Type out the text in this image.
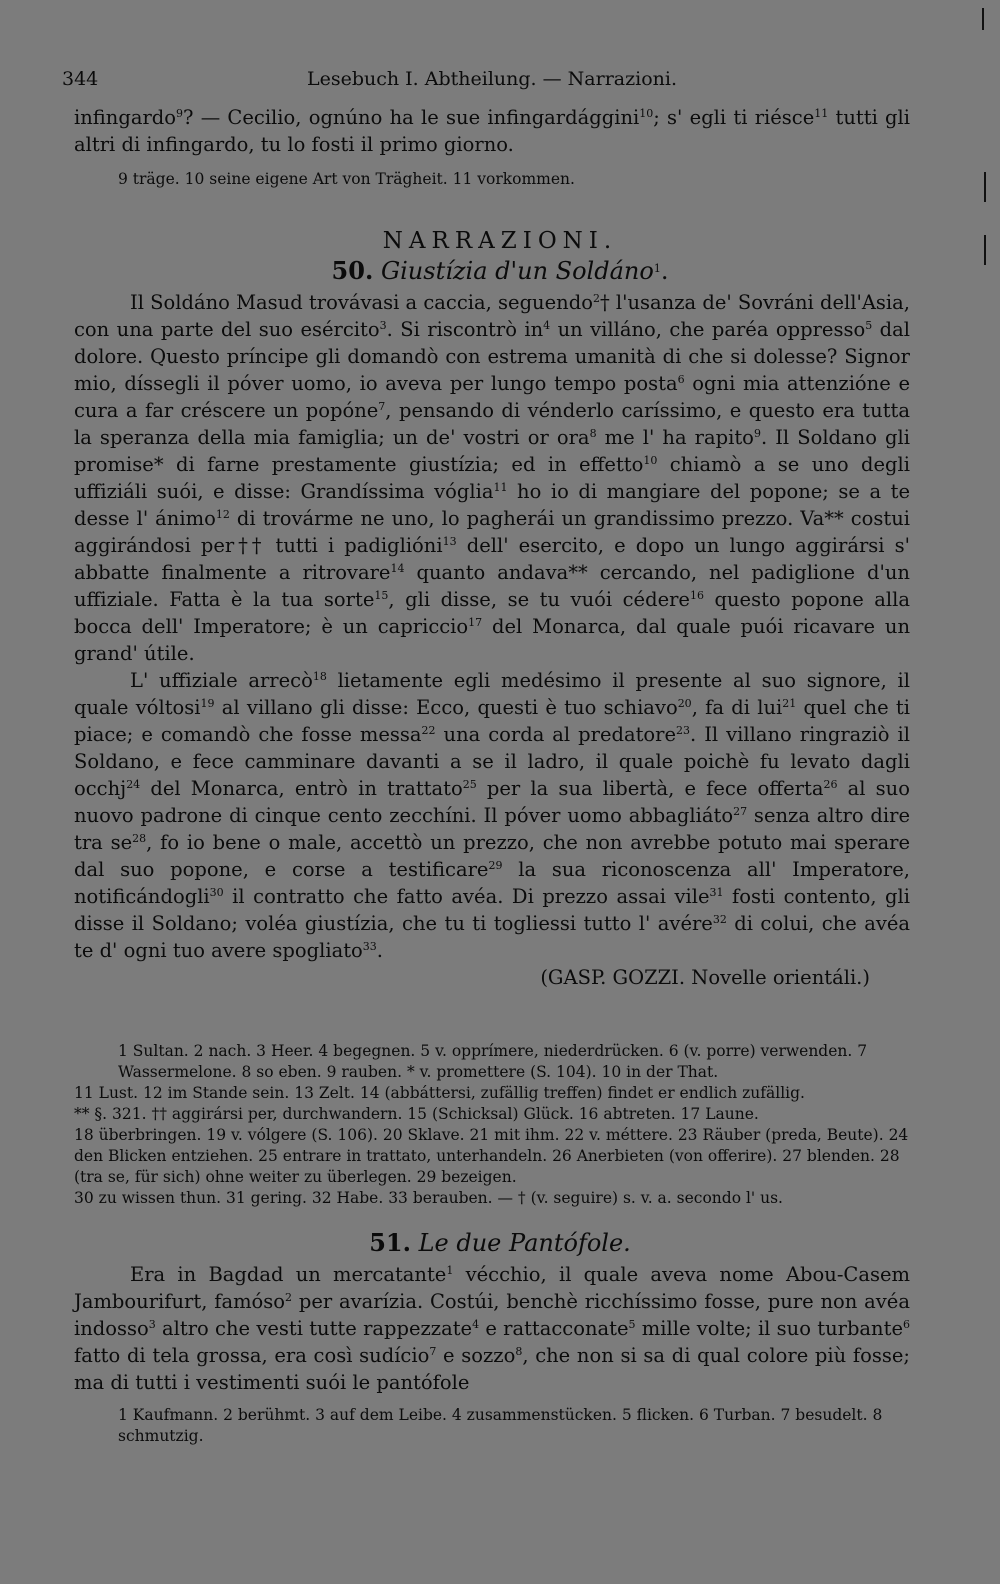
344	Lesebuch I. Abtheilung. — Narrazioni.

infingardo$^9$? — Cecilio, ognúno ha le sue infingardággini$^{10}$; s' egli ti riésce$^{11}$ tutti gli altri di infingardo, tu lo fosti il primo giorno.

9 träge. 10 seine eigene Art von Trägheit. 11 vorkommen.
NARRAZIONI.
50. Giustízia d'un Soldáno$^1$.

Il Soldáno Masud trovávasi a caccia, seguendo$^2$† l'usanza de' Sovráni dell'Asia, con una parte del suo esército$^3$. Si riscontrò $in^4$ un villáno, che paréa oppresso$^5$ dal dolore. Questo príncipe gli domandò con estrema umanità di che si dolesse? Signor mio, díssegli il póver uomo, io aveva per lungo tempo posta$^6$ ogni mia attenzióne e cura a far créscere un popóne$^7$, pensando di vénderlo caríssimo, e questo era tutta la speranza della mia famiglia; un de' vostri or ora$^8$ me l' ha rapito$^9$. Il Soldano gli promise* di farne prestamente giustízia; ed in effetto$^{10}$ chiamò a se uno degli uffiziáli suói, e disse: Grandíssima vóglia$^{11}$ ho io di mangiare del popone; se a te desse l' ánimo$^{12}$ di trovárme ne uno, lo pagherái un grandissimo prezzo. Va** costui aggirándosi per†† tutti i padiglióni$^{13}$ dell' esercito, e dopo un lungo aggirársi s' abbatte finalmente a ritrovare$^{14}$ quanto andava** cercando, nel padiglione d'un uffiziale. Fatta è la tua sorte$^{15}$, gli disse, se tu vuói cédere$^{16}$ questo popone alla bocca dell' Imperatore; è un capriccio$^{17}$ del Monarca, dal quale puói ricavare un grand' útile.

L' uffiziale arrecò$^{18}$ lietamente egli medésimo il presente al suo signore, il quale vóltosi$^{19}$ al villano gli disse: Ecco, questi è tuo schiavo$^{20}$, fa di lui$^{21}$ quel che ti piace; e comandò che fosse messa$^{22}$ una corda al predatore$^{23}$. Il villano ringraziò il Soldano, e fece camminare davanti a se il ladro, il quale poichè fu levato dagli occhj$^{24}$ del Monarca, entrò in trattato$^{25}$ per la sua libertà, e fece offerta$^{26}$ al suo nuovo padrone di cinque cento zecchíni. Il póver uomo abbagliáto$^{27}$ senza altro dire tra $se^{28}$, fo io bene o male, accettò un prezzo, che non avrebbe potuto mai sperare dal suo popone, e corse a testificare$^{29}$ la sua riconoscenza all' Imperatore, notificándogli$^{30}$ il contratto che fatto avéa. Di prezzo assai vile$^{31}$ fosti contento, gli disse il Soldano; voléa giustízia, che tu ti togliessi tutto l' avére$^{32}$ di colui, che avéa te d' ogni tuo avere spogliato$^{33}$.

(GASP. GOZZI. Novelle orientáli.)

1 Sultan. 2 nach. 3 Heer. 4 begegnen. 5 v. opprímere, niederdrücken. 6 (v. porre) verwenden. 7 Wassermelone. 8 so eben. 9 rauben. * v. promettere (S. 104). 10 in der That.
11 Lust. 12 im Stande sein. 13 Zelt. 14 (abbáttersi, zufällig treffen) findet er endlich zufällig.
** §. 321. †† aggirársi per, durchwandern. 15 (Schicksal) Glück. 16 abtreten. 17 Laune.
18 überbringen. 19 v. vólgere (S. 106). 20 Sklave. 21 mit ihm. 22 v. méttere. 23 Räuber (preda, Beute). 24 den Blicken entziehen. 25 entrare in trattato, unterhandeln. 26 Anerbieten (von offerire). 27 blenden. 28 (tra se, für sich) ohne weiter zu überlegen. 29 bezeigen.
30 zu wissen thun. 31 gering. 32 Habe. 33 berauben. — † (v. seguire) s. v. a. secondo l' us.
51. Le due Pantófole.

Era in Bagdad un mercatante$^1$ vécchio, il quale aveva nome Abou-Casem Jambourifurt, famóso$^2$ per avarízia. Costúi, benchè ricchíssimo fosse, pure non avéa indosso$^3$ altro che vesti tutte rappezzate$^4$ e rattacconate$^5$ mille volte; il suo turbante$^6$ fatto di tela grossa, era così sudício$^7$ e sozzo$^8$, che non si sa di qual colore più fosse; ma di tutti i vestimenti suói le pantófole

1 Kaufmann. 2 berühmt. 3 auf dem Leibe. 4 zusammenstücken. 5 flicken. 6 Turban. 7 besudelt. 8 schmutzig.
